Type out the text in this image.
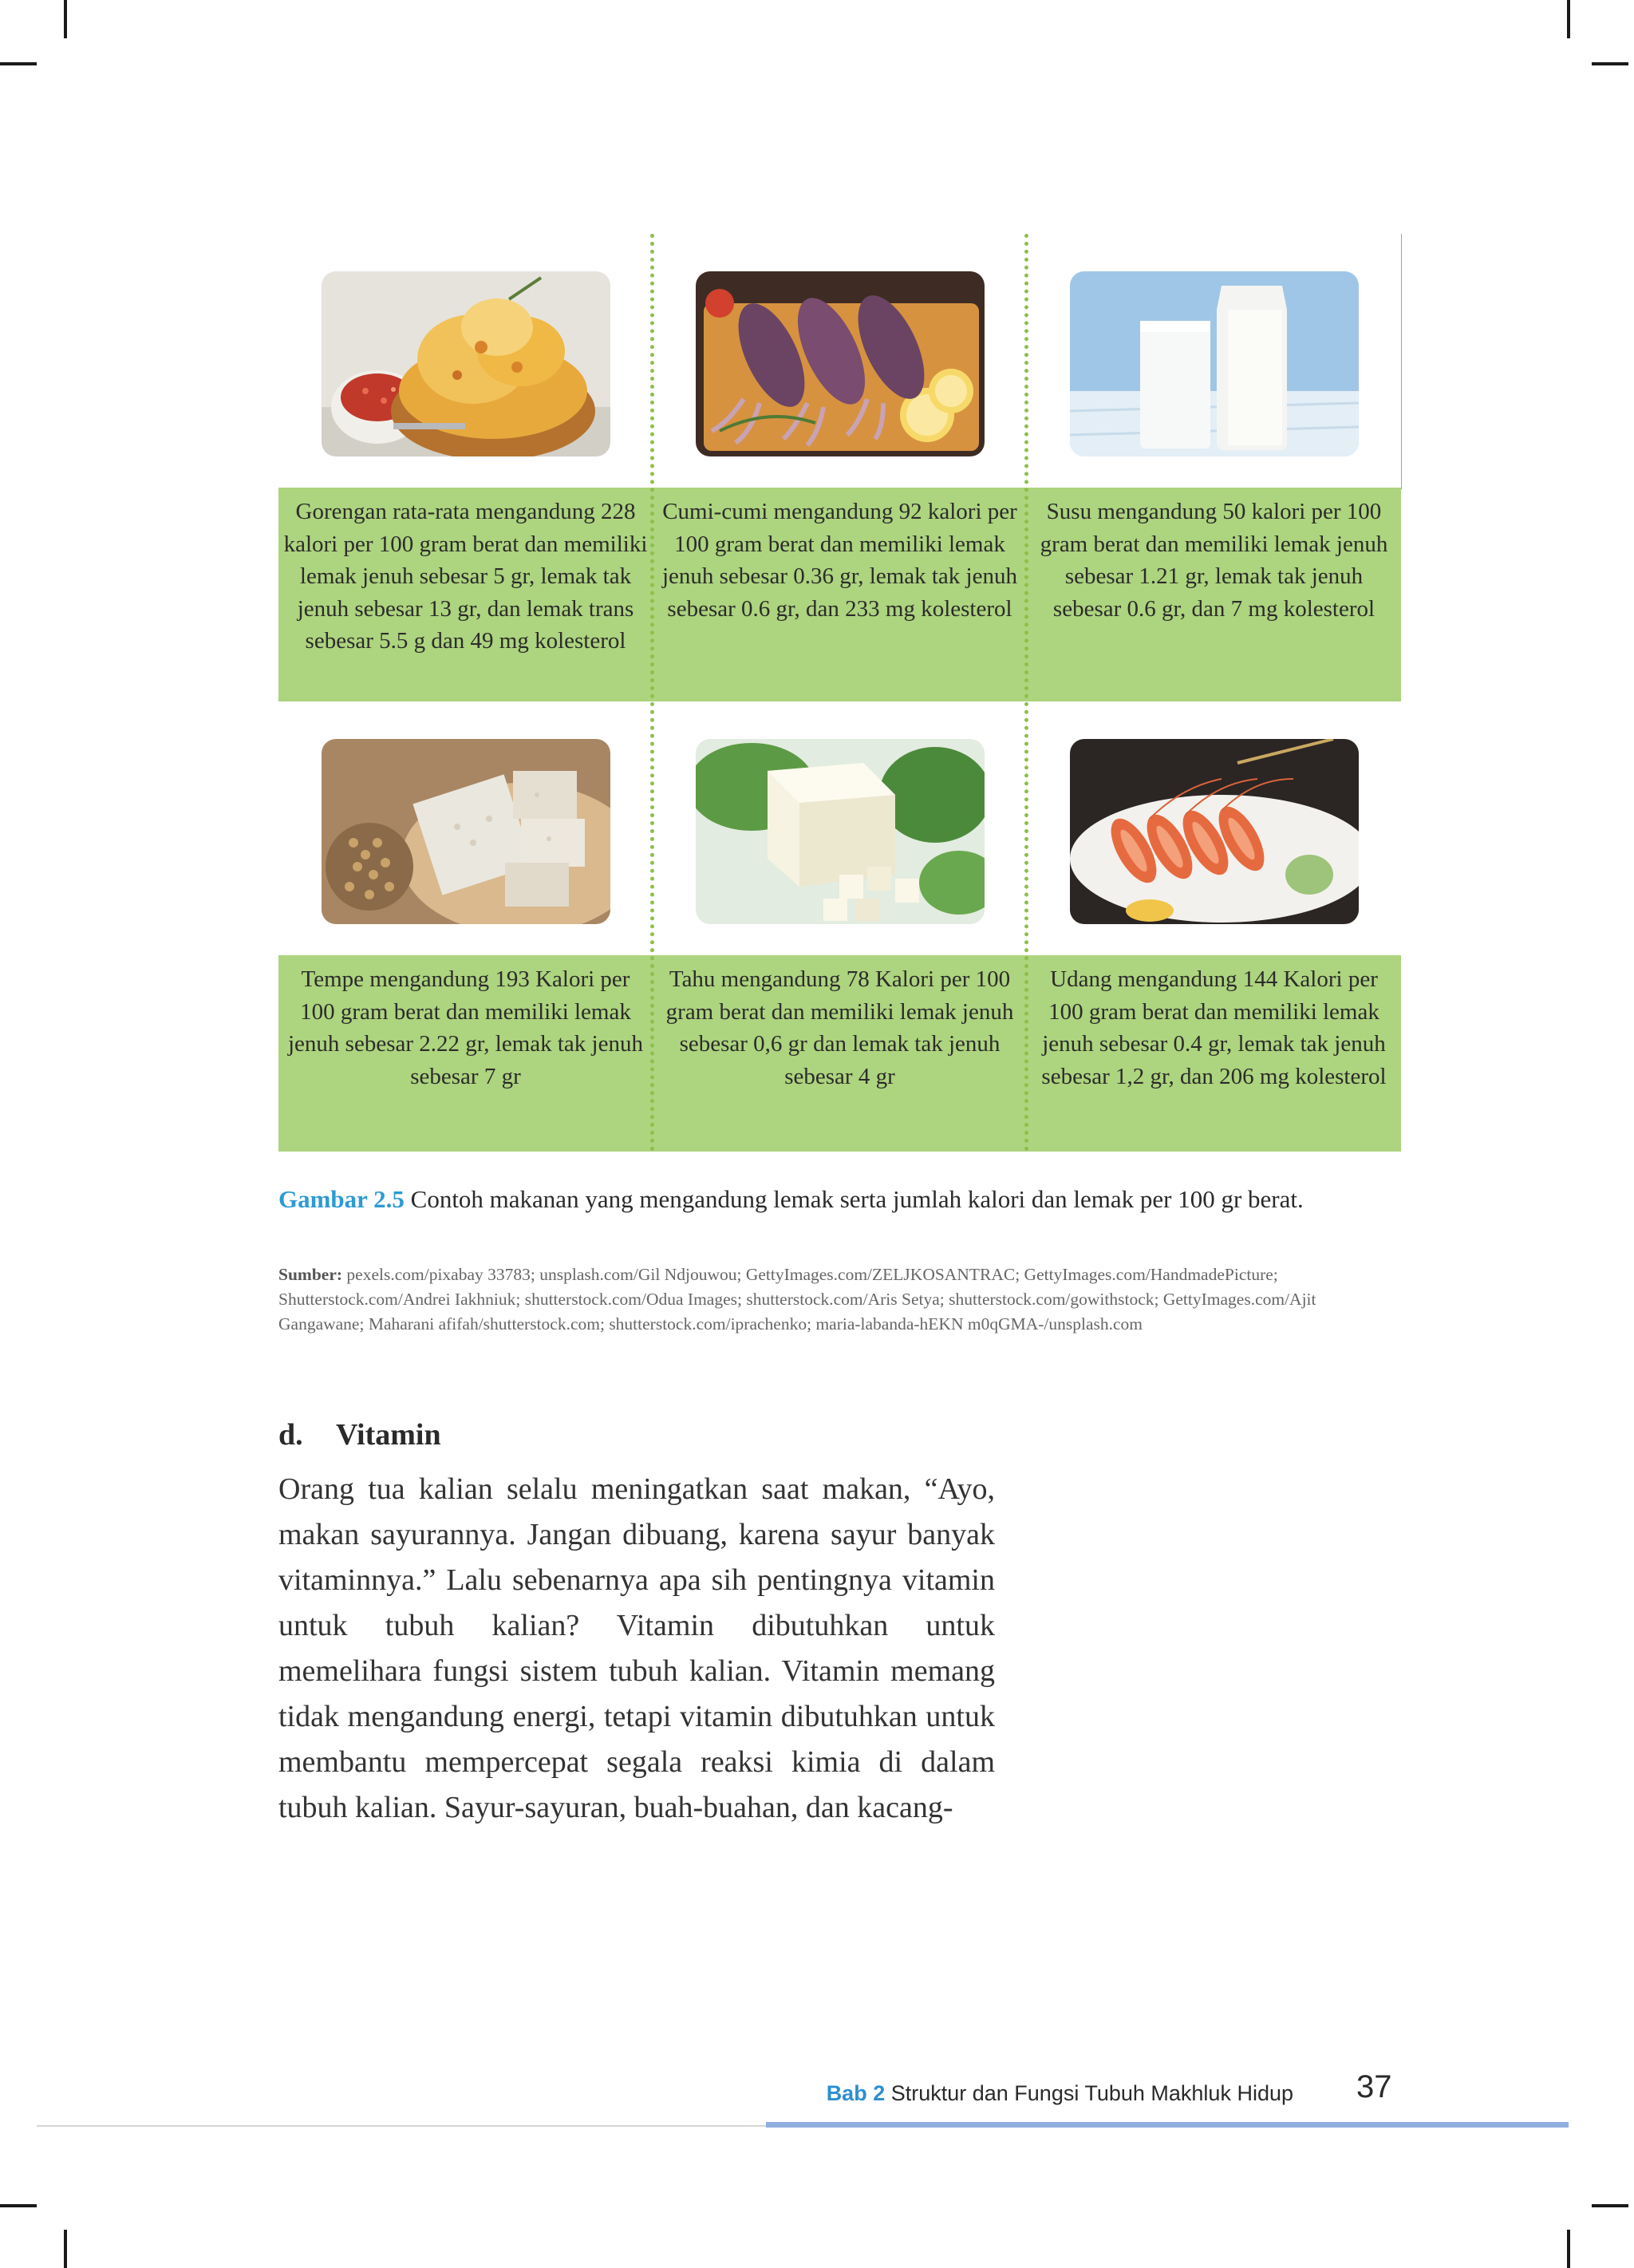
Gorengan rata-rata mengandung 228 kalori per 100 gram berat dan memiliki lemak jenuh sebesar 5 gr, lemak tak jenuh sebesar 13 gr, dan lemak trans sebesar 5.5 g dan 49 mg kolesterol
Cumi-cumi mengandung 92 kalori per 100 gram berat dan memiliki lemak jenuh sebesar 0.36 gr, lemak tak jenuh sebesar 0.6 gr, dan 233 mg kolesterol
Susu mengandung 50 kalori per 100 gram berat dan memiliki lemak jenuh sebesar 1.21 gr, lemak tak jenuh sebesar 0.6 gr, dan 7 mg kolesterol
Tempe mengandung 193 Kalori per 100 gram berat dan memiliki lemak jenuh sebesar 2.22 gr, lemak tak jenuh sebesar 7 gr
Tahu mengandung 78 Kalori per 100 gram berat dan memiliki lemak jenuh sebesar 0,6 gr dan lemak tak jenuh sebesar 4 gr
Udang mengandung 144 Kalori per 100 gram berat dan memiliki lemak jenuh sebesar 0.4 gr, lemak tak jenuh sebesar 1,2 gr, dan 206 mg kolesterol
Gambar 2.5 Contoh makanan yang mengandung lemak serta jumlah kalori dan lemak per 100 gr berat.
Sumber: pexels.com/pixabay 33783; unsplash.com/Gil Ndjouwou; GettyImages.com/ZELJKOSANTRAC; GettyImages.com/HandmadePicture; Shutterstock.com/Andrei Iakhniuk; shutterstock.com/Odua Images; shutterstock.com/Aris Setya; shutterstock.com/gowithstock; GettyImages.com/Ajit Gangawane; Maharani afifah/shutterstock.com; shutterstock.com/iprachenko; maria-labanda-hEKN m0qGMA-/unsplash.com
d. Vitamin
Orang tua kalian selalu meningatkan saat makan, “Ayo, makan sayurannya. Jangan dibuang, karena sayur banyak vitaminnya.” Lalu sebenarnya apa sih pentingnya vitamin untuk tubuh kalian? Vitamin dibutuhkan untuk memelihara fungsi sistem tubuh kalian. Vitamin memang tidak mengandung energi, tetapi vitamin dibutuhkan untuk membantu mempercepat segala reaksi kimia di dalam tubuh kalian. Sayur-sayuran, buah-buahan, dan kacang-
Bab 2 Struktur dan Fungsi Tubuh Makhluk Hidup 37
